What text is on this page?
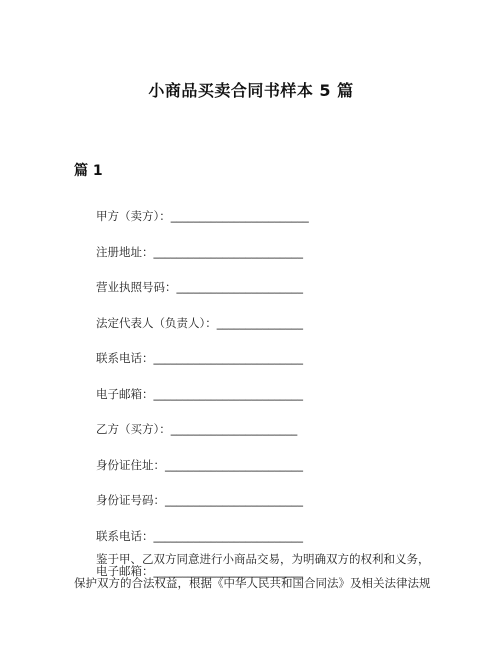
小商品买卖合同书样本 5 篇
篇 1
甲方（卖方）：________________________
注册地址：__________________________
营业执照号码：______________________
法定代表人（负责人）：_______________
联系电话：__________________________
电子邮箱：__________________________
乙方（买方）：______________________
身份证住址：________________________
身份证号码：________________________
联系电话：__________________________
电子邮箱：__________________________
鉴于甲、乙双方同意进行小商品交易，为明确双方的权利和义务，
保护双方的合法权益，根据《中华人民共和国合同法》及相关法律法规
